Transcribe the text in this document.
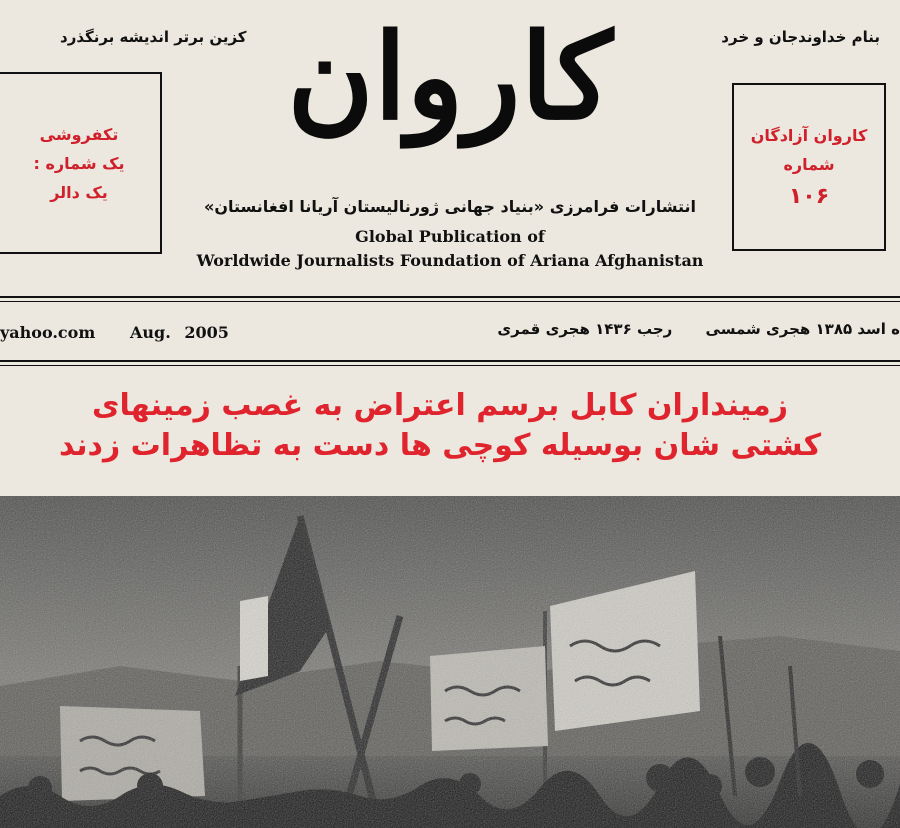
بنام خداوندجان و خرد
کزین برتر اندیشه برنگذرد کاروان
تکفروشی
یک شماره :
یک دالر
کاروان آزادگان
شماره
۱۰۶
انتشارات فرامرزی «بنیاد جهانی ژورنالیستان آریانا افغانستان»
Global Publication of
Worldwide Journalists Foundation of Ariana Afghanistan
yahoo.com Aug. 2005	ه اسد ۱۳۸۵ هجری شمسی رجب ۱۴۳۶ هجری قمری
زمینداران کابل برسم اعتراض به غصب زمینهای
کشتی شان بوسیله کوچی ها دست به تظاهرات زدند
